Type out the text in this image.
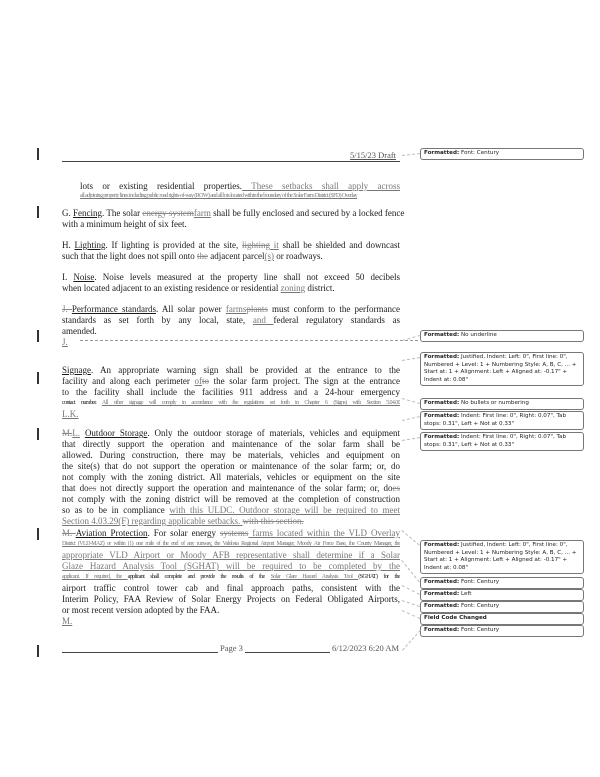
5/15/23 Draft
lots or existing residential properties. These setbacks shall apply across
all adjoining property lines including public road rights-of-way (ROW) and all lots located within the boundary of the Solar Farm District (SFD) Overlay
G. Fencing. The solar energy systemfarm shall be fully enclosed and secured by a locked fence
with a minimum height of six feet.
H. Lighting. If lighting is provided at the site, lighting it shall be shielded and downcast
such that the light does not spill onto the adjacent parcel(s) or roadways.
I. Noise. Noise levels measured at the property line shall not exceed 50 decibels
when located adjacent to an existing residence or residential zoning district.
J. Performance standards. All solar power farmsplants must conform to the performance
standards as set forth by any local, state, and federal regulatory standards as
amended.
J.
Signage. An appropriate warning sign shall be provided at the entrance to the
facility and along each perimeter ofto the solar farm project. The sign at the entrance
to the facility shall include the facilities 911 address and a 24-hour emergency
contact number. All other signage will comply in accordance with the regulations set forth in Chapter 6 (Signs) with Section 5.04.00
L.K.
M.L. Outdoor Storage. Only the outdoor storage of materials, vehicles and equipment
that directly support the operation and maintenance of the solar farm shall be
allowed. During construction, there may be materials, vehicles and equipment on
the site(s) that do not support the operation or maintenance of the solar farm; or, do
not comply with the zoning district. All materials, vehicles or equipment on the site
that does not directly support the operation and maintenance of the solar farm; or, does
not comply with the zoning district will be removed at the completion of construction
so as to be in compliance with this ULDC. Outdoor storage will be required to meet
Section 4.03.29(F) regarding applicable setbacks. with this section.
M. Aviation Protection. For solar energy systems farms located within the VLD Overlay
District (VLD-MAZ) or within (1) one mile of the end of any runway, the Valdosta Regional Airport Manager, Moody Air Force Base, the County Manager, the
appropriate VLD Airport or Moody AFB representative shall determine if a Solar
Glaze Hazard Analysis Tool (SGHAT) will be required to be completed by the
applicant. If required, the applicant shall complete and provide the results of the Solar Glare Hazard Analysis Tool (SGHAT) for the
airport traffic control tower cab and final approach paths, consistent with the
Interim Policy, FAA Review of Solar Energy Projects on Federal Obligated Airports,
or most recent version adopted by the FAA.
M.
Page 3	6/12/2023 6:20 AM
Formatted: Font: Century
Formatted: No underline
Formatted: Justified, Indent: Left: 0", First line: 0", Numbered + Level: 1 + Numbering Style: A, B, C, ... + Start at: 1 + Alignment: Left + Aligned at: -0.17" + Indent at: 0.08"
Formatted: No bullets or numbering
Formatted: Indent: First line: 0", Right: 0.07", Tab stops: 0.31", Left + Not at 0.33"
Formatted: Indent: First line: 0", Right: 0.07", Tab stops: 0.31", Left + Not at 0.33"
Formatted: Justified, Indent: Left: 0", First line: 0", Numbered + Level: 1 + Numbering Style: A, B, C, ... + Start at: 1 + Alignment: Left + Aligned at: -0.17" + Indent at: 0.08"
Formatted: Font: Century
Formatted: Left
Formatted: Font: Century
Field Code Changed
Formatted: Font: Century
